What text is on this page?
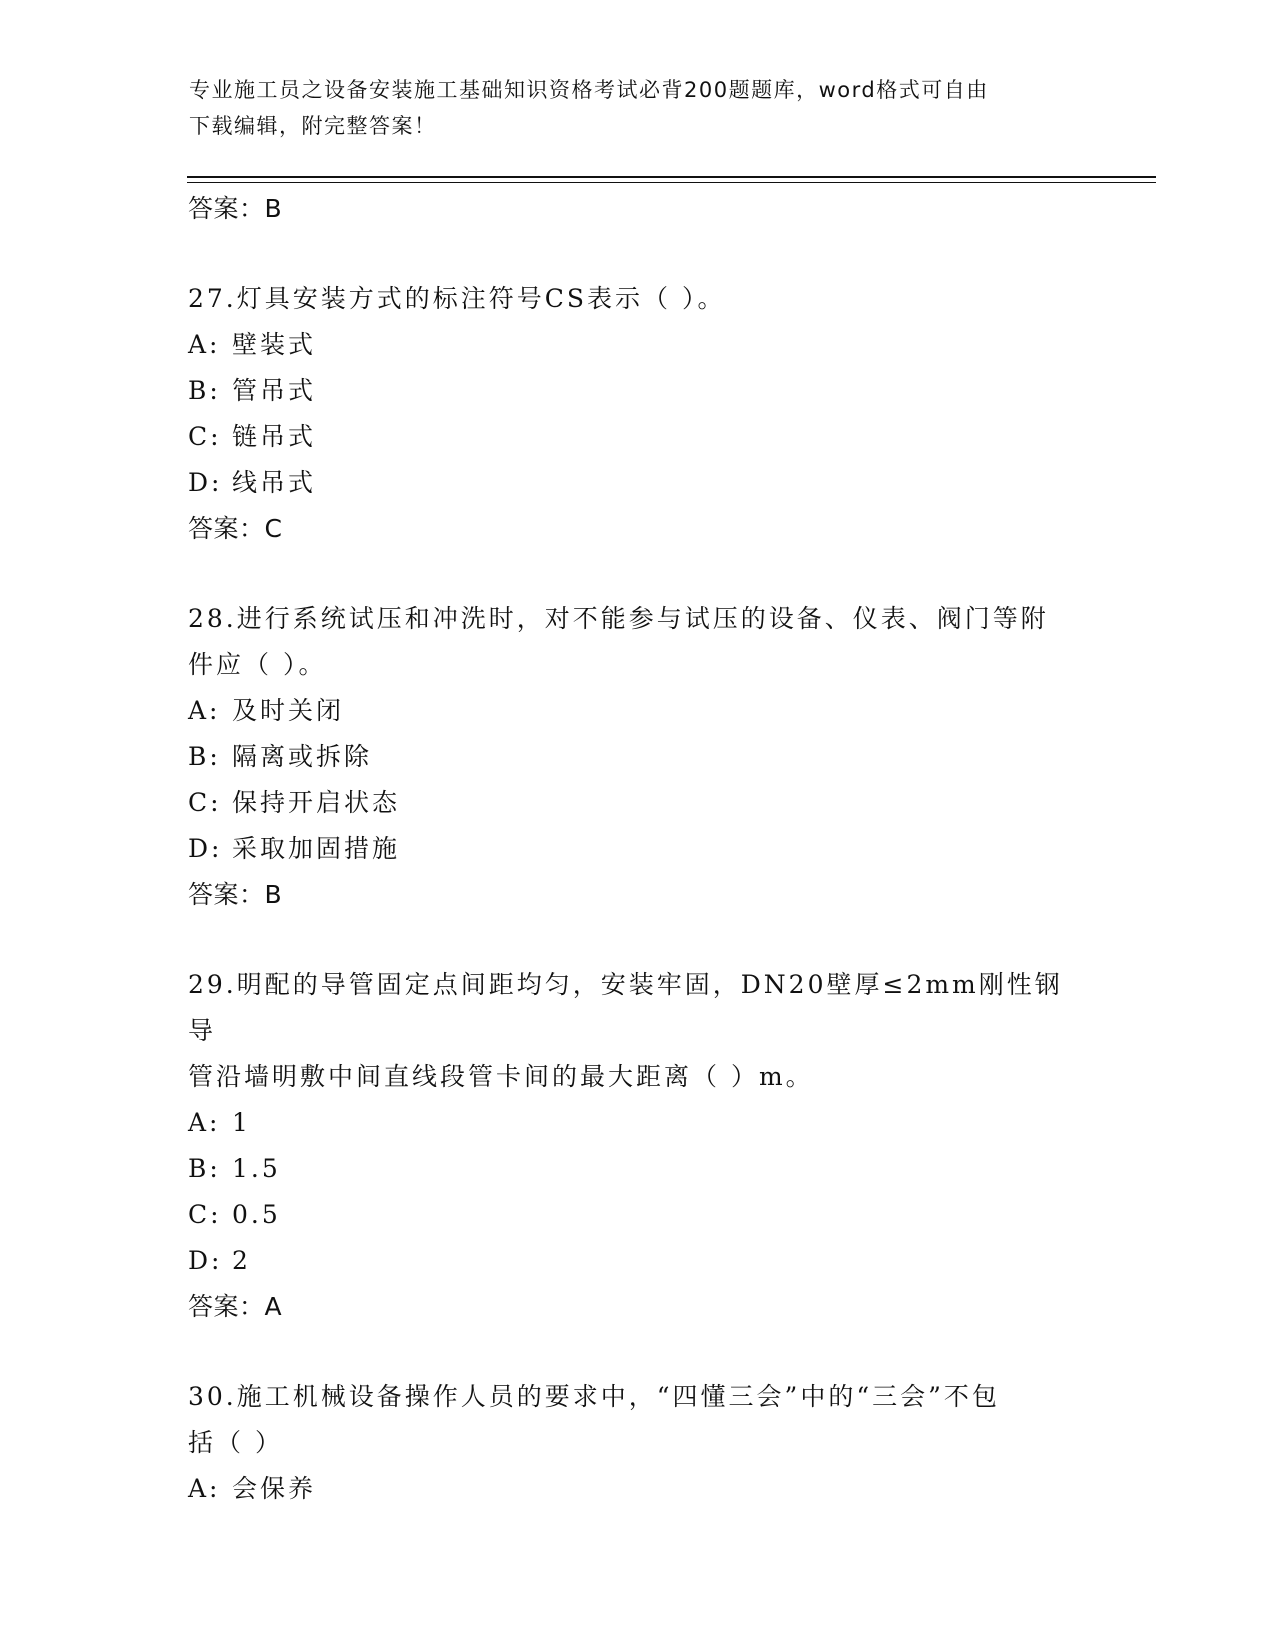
专业施工员之设备安装施工基础知识资格考试必背200题题库，word格式可自由
下载编辑，附完整答案！
答案：B
27.灯具安装方式的标注符号CS表示（ ）。
A: 壁装式
B: 管吊式
C: 链吊式
D: 线吊式
答案：C
28.进行系统试压和冲洗时，对不能参与试压的设备、仪表、阀门等附
件应（ ）。
A: 及时关闭
B: 隔离或拆除
C: 保持开启状态
D: 采取加固措施
答案：B
29.明配的导管固定点间距均匀，安装牢固，DN20壁厚≤2mm刚性钢导
管沿墙明敷中间直线段管卡间的最大距离（ ）m。
A: 1
B: 1.5
C: 0.5
D: 2
答案：A
30.施工机械设备操作人员的要求中，“四懂三会”中的“三会”不包
括（ ）
A: 会保养
